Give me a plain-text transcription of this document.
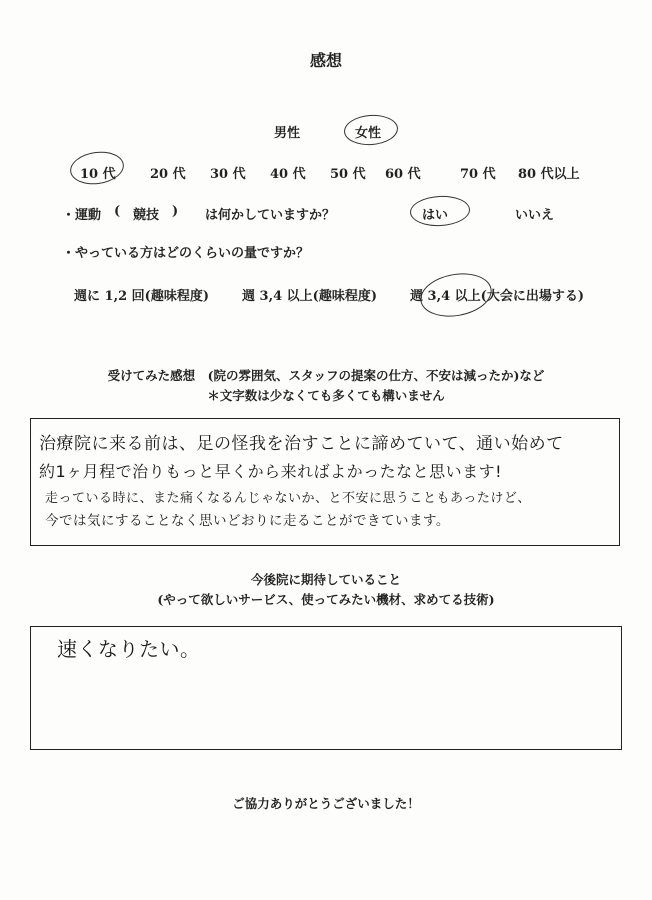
感想
男性	女性
10 代	20 代 30 代 40 代 50 代 60 代	70 代 80 代以上
・運動 ( 競技 ) は何かしていますか？	はい	いいえ
・やっている方はどのくらいの量ですか？
週に 1,2 回(趣味程度)	週 3,4 以上(趣味程度)	週 3,4 以上(大会に出場する)
受けてみた感想　(院の雰囲気、スタッフの提案の仕方、不安は減ったか)など
＊文字数は少なくても多くても構いません
治療院に来る前は、足の怪我を治すことに諦めていて、通い始めて
約1ヶ月程で治りもっと早くから来ればよかったなと思います!
走っている時に、また痛くなるんじゃないか、と不安に思うこともあったけど、
今では気にすることなく思いどおりに走ることができています。
今後院に期待していること
(やって欲しいサービス、使ってみたい機材、求めてる技術)
速くなりたい。
ご協力ありがとうございました！
